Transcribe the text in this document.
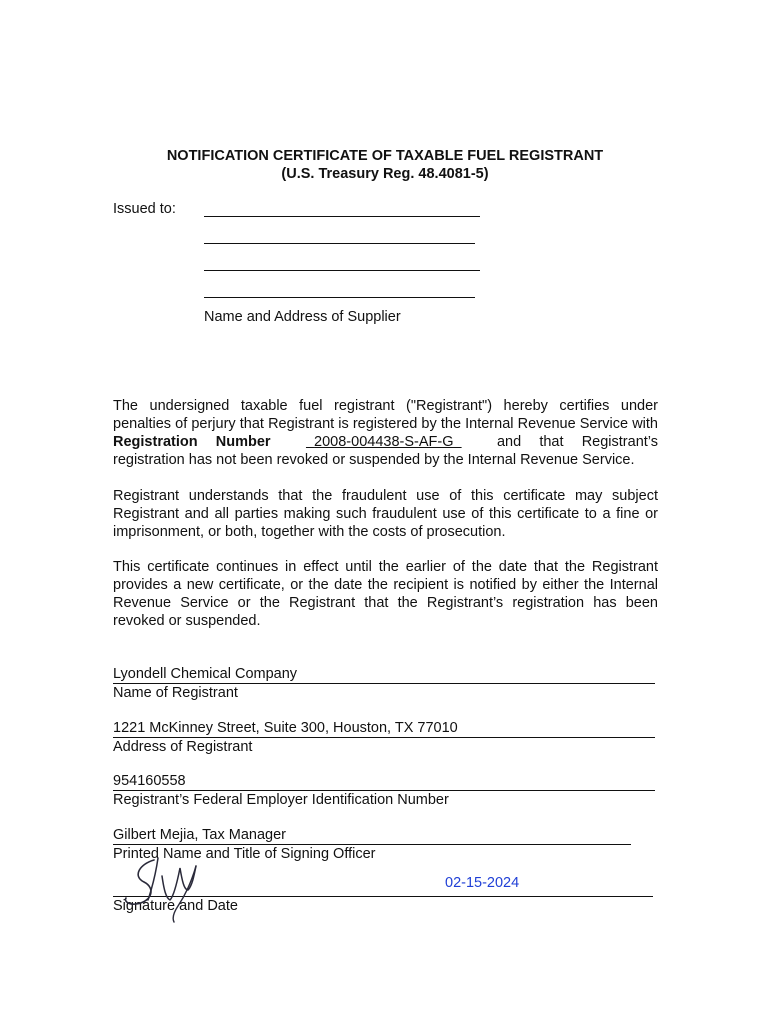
NOTIFICATION CERTIFICATE OF TAXABLE FUEL REGISTRANT
(U.S. Treasury Reg. 48.4081-5)
Issued to:
Name and Address of Supplier
The undersigned taxable fuel registrant ("Registrant") hereby certifies under penalties of perjury that Registrant is registered by the Internal Revenue Service with Registration Number	2008-004438-S-AF-G and that Registrant’s registration has not been revoked or suspended by the Internal Revenue Service.
Registrant understands that the fraudulent use of this certificate may subject Registrant and all parties making such fraudulent use of this certificate to a fine or imprisonment, or both, together with the costs of prosecution.
This certificate continues in effect until the earlier of the date that the Registrant provides a new certificate, or the date the recipient is notified by either the Internal Revenue Service or the Registrant that the Registrant’s registration has been revoked or suspended.
Lyondell Chemical Company
Name of Registrant
1221 McKinney Street, Suite 300, Houston, TX 77010
Address of Registrant
954160558
Registrant’s Federal Employer Identification Number
Gilbert Mejia, Tax Manager
Printed Name and Title of Signing Officer
02-15-2024
Signature and Date
